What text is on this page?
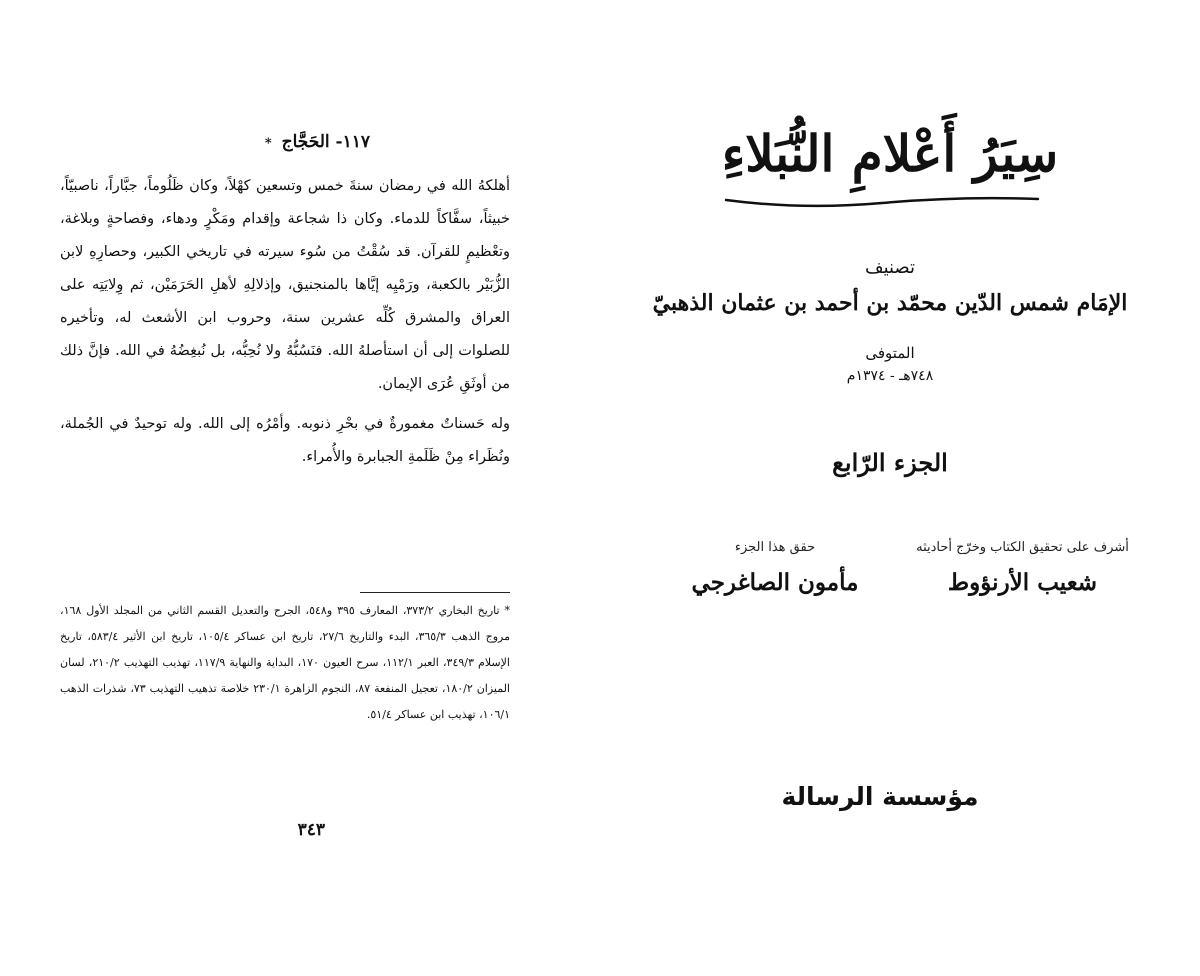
١١٧- الحَجَّاج *
أهلكهُ الله في رمضان سنةَ خمس وتسعين كهْلاً، وكان ظَلُوماً، جبَّاراً، ناصبيّاً، خبيثاً، سفَّاكاً للدماء. وكان ذا شجاعة وإقدام ومَكْرٍ ودهاء، وفصاحةٍ وبلاغة، وتعْظيمٍ للقرآن. قد سُقْتُ من سُوء سيرته في تاريخي الكبير، وحصارِهِ لابن الزُّبَيْر بالكعبة، ورَمْيِه إيَّاها بالمنجنيق، وإذلالِهِ لأهلِ الحَرَمَيْن، ثم وِلايَتِه على العراق والمشرق كُلِّه عشرين سنة، وحروب ابن الأشعث له، وتأخيره للصلوات إلى أن استأصلهُ الله. فنَسُبُّهُ ولا نُحِبُّه، بل نُبغِضُهُ في الله. فإنَّ ذلك من أوثَقِ عُرَى الإيمان.
وله حَسناتٌ مغمورةٌ في بحْرِ ذنوبه. وأمْرُه إلى الله. وله توحيدٌ في الجُملة، ونُظَراء مِنْ ظَلَمةِ الجبابرة والأُمراء.
* تاريخ البخاري ٣٧٣/٢، المعارف ٣٩٥ و٥٤٨، الجرح والتعديل القسم الثاني من المجلد الأول ١٦٨، مروج الذهب ٣٦٥/٣، البدء والتاريخ ٢٧/٦، تاريخ ابن عساكر ١٠٥/٤، تاريخ ابن الأثير ٥٨٣/٤، تاريخ الإسلام ٣٤٩/٣، العبر ١١٢/١، سرح العيون ١٧٠، البداية والنهاية ١١٧/٩، تهذيب التهذيب ٢١٠/٢، لسان الميزان ١٨٠/٢، تعجيل المنفعة ٨٧، النجوم الزاهرة ٢٣٠/١ خلاصة تذهيب التهذيب ٧٣، شذرات الذهب ١٠٦/١، تهذيب ابن عساكر ٥١/٤.
٣٤٣
سِيَرُ أَعْلامِ النُّبَلاءِ
تصنيف
الإمَام شمس الدّين محمّد بن أحمد بن عثمان الذهبيّ
المتوفى
٧٤٨هـ - ١٣٧٤م
الجزء الرّابع
أشرف على تحقيق الكتاب وخرّج أحاديثه
شعيب الأرنؤوط
حقق هذا الجزء
مأمون الصاغرجي
مؤسسة الرسالة
